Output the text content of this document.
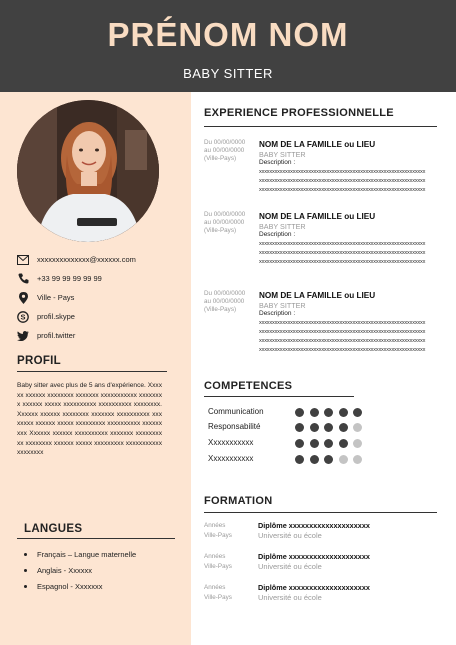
PRÉNOM NOM
BABY SITTER
xxxxxxxxxxxxxx@xxxxxx.com
+33 99 99 99 99 99
Ville - Pays
S profil.skype
profil.twitter
PROFIL
Baby sitter avec plus de 5 ans d'expérience. Xxxxxx xxxxxx xxxxxxxx xxxxxxx xxxxxxxxxxx xxxxxxxx xxxxxx xxxxx xxxxxxxxxx xxxxxxxxxx xxxxxxxx. Xxxxxx xxxxxx xxxxxxxx xxxxxxx xxxxxxxxxx xxxxxxxx xxxxxx xxxxx xxxxxxxxx xxxxxxxxxx xxxxxxxxx Xxxxxx xxxxxx xxxxxxxxxx xxxxxxx xxxxxxxxxx xxxxxxxx xxxxxx xxxxx xxxxxxxxx xxxxxxxxxxx xxxxxxxx
LANGUES
Français – Langue maternelle
Anglais - Xxxxxx
Espagnol - Xxxxxxx
EXPERIENCE PROFESSIONNELLE
Du 00/00/0000
au 00/00/0000
(Ville-Pays)
NOM DE LA FAMILLE ou LIEU
BABY SITTER
Description :
xxxxxxxxxxxxxxxxxxxxxxxxxxxxxxxxxxxxxxxxxxxxxxxxxxxxxxxxxxxxxxxx
xxxxxxxxxxxxxxxxxxxxxxxxxxxxxxxxxxxxxxxxxxxxxxxxxxxxxxxxxxxxxxxx
xxxxxxxxxxxxxxxxxxxxxxxxxxxxxxxxxxxxxxxxxxxxxxxxxxxxxxxxxxxxxxxx
Du 00/00/0000
au 00/00/0000
(Ville-Pays)
NOM DE LA FAMILLE ou LIEU
BABY SITTER
Description :
xxxxxxxxxxxxxxxxxxxxxxxxxxxxxxxxxxxxxxxxxxxxxxxxxxxxxxxxxxxxxxxx
xxxxxxxxxxxxxxxxxxxxxxxxxxxxxxxxxxxxxxxxxxxxxxxxxxxxxxxxxxxxxxxx
xxxxxxxxxxxxxxxxxxxxxxxxxxxxxxxxxxxxxxxxxxxxxxxxxxxxxxxxxxxxxxxx
Du 00/00/0000
au 00/00/0000
(Ville-Pays)
NOM DE LA FAMILLE ou LIEU
BABY SITTER
Description :
xxxxxxxxxxxxxxxxxxxxxxxxxxxxxxxxxxxxxxxxxxxxxxxxxxxxxxxxxxxxxxxx
xxxxxxxxxxxxxxxxxxxxxxxxxxxxxxxxxxxxxxxxxxxxxxxxxxxxxxxxxxxxxxxx
xxxxxxxxxxxxxxxxxxxxxxxxxxxxxxxxxxxxxxxxxxxxxxxxxxxxxxxxxxxxxxxx
xxxxxxxxxxxxxxxxxxxxxxxxxxxxxxxxxxxxxxxxxxxxxxxxxxxxxxxxxxxxxxxx
COMPETENCES
Communication
Responsabilité
Xxxxxxxxxxx
Xxxxxxxxxxx
FORMATION
Années
Ville-Pays
Diplôme xxxxxxxxxxxxxxxxxxxx
Université ou école
Années
Ville-Pays
Diplôme xxxxxxxxxxxxxxxxxxxx
Université ou école
Années
Ville-Pays
Diplôme xxxxxxxxxxxxxxxxxxxx
Université ou école
